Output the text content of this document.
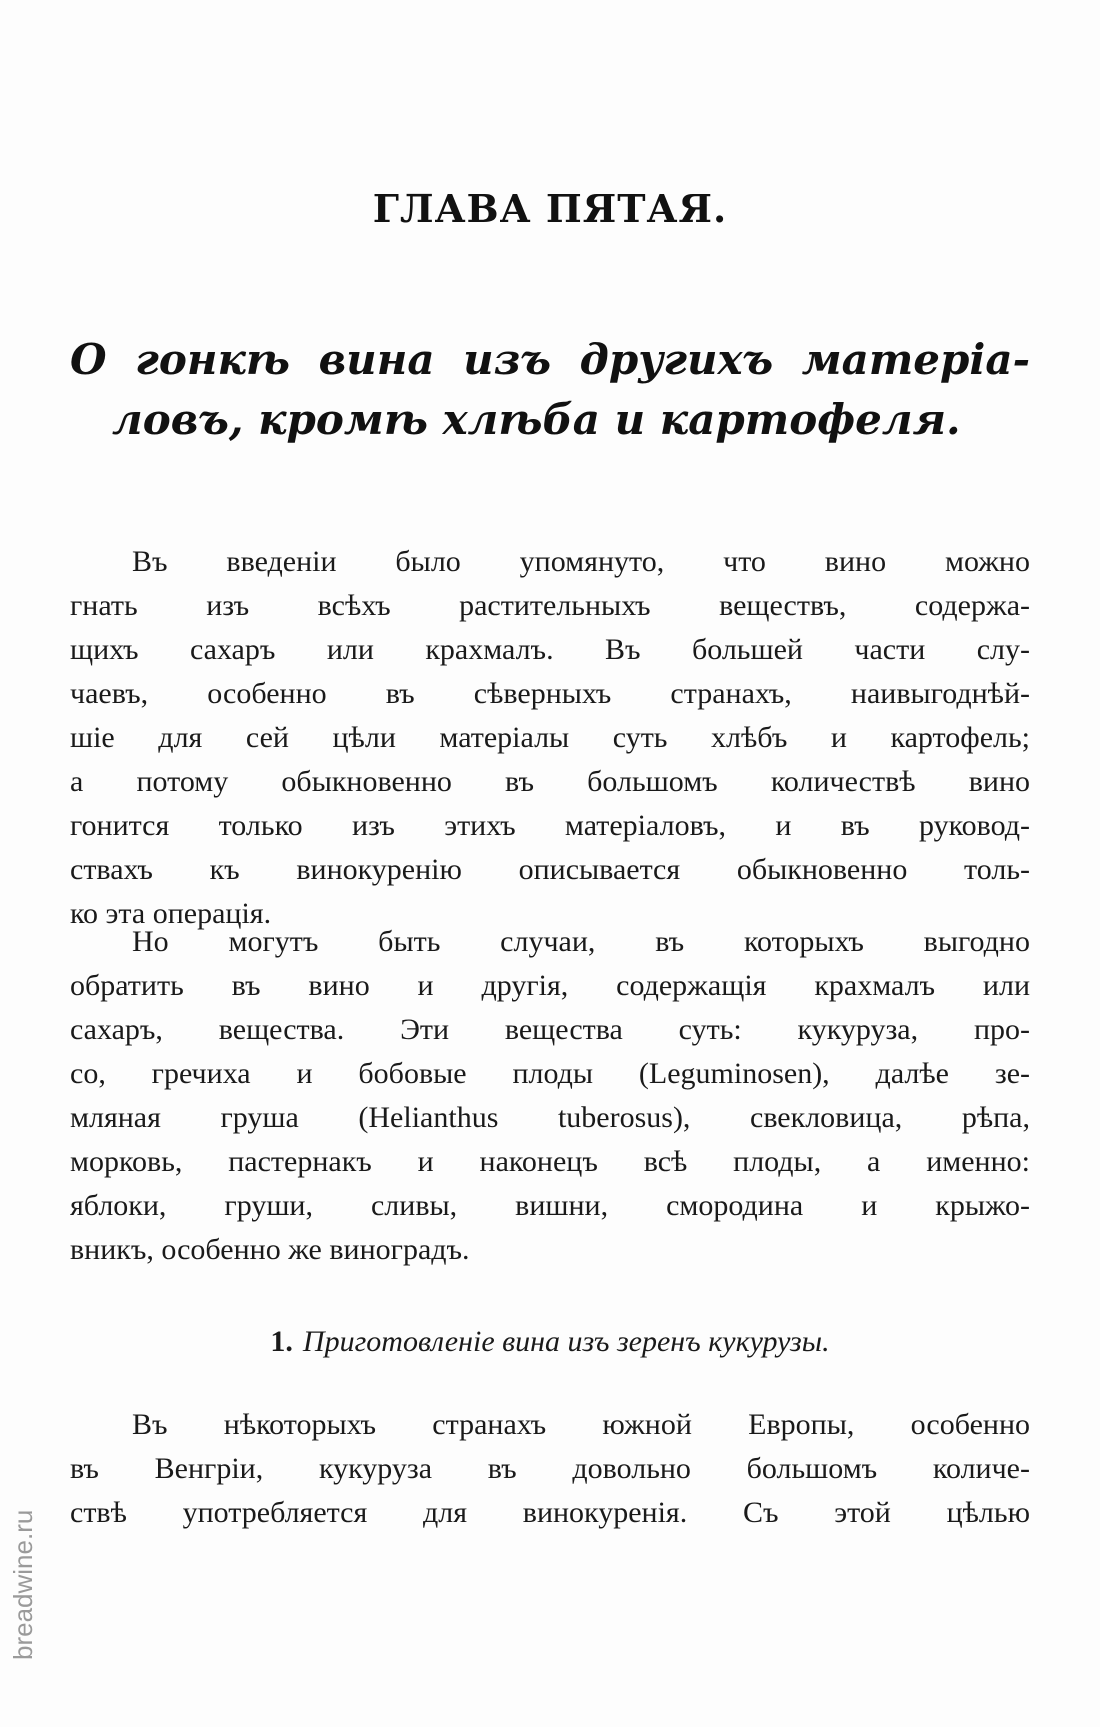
ГЛАВА ПЯТАЯ.
О гонкѣ вина изъ другихъ матеріа-
ловъ, кромѣ хлѣба и картофеля.
Въ введеніи было упомянуто, что вино можно
гнать изъ всѣхъ растительныхъ веществъ, содержа-
щихъ сахаръ или крахмалъ. Въ большей части слу-
чаевъ, особенно въ сѣверныхъ странахъ, наивыгоднѣй-
шіе для сей цѣли матеріалы суть хлѣбъ и картофель;
а потому обыкновенно въ большомъ количествѣ вино
гонится только изъ этихъ матеріаловъ, и въ руковод-
ствахъ къ винокуренію описывается обыкновенно толь-
ко эта операція.
Но могутъ быть случаи, въ которыхъ выгодно
обратить въ вино и другія, содержащія крахмалъ или
сахаръ, вещества. Эти вещества суть: кукуруза, про-
со, гречиха и бобовые плоды (Leguminosen), далѣе зе-
мляная груша (Helianthus tuberosus), свекловица, рѣпа,
морковь, пастернакъ и наконецъ всѣ плоды, а именно:
яблоки, груши, сливы, вишни, смородина и крыжо-
вникъ, особенно же виноградъ.
1. Приготовленіе вина изъ зеренъ кукурузы.
Въ нѣкоторыхъ странахъ южной Европы, особенно
въ Венгріи, кукуруза въ довольно большомъ количе-
ствѣ употребляется для винокуренія. Съ этой цѣлью
breadwine.ru
